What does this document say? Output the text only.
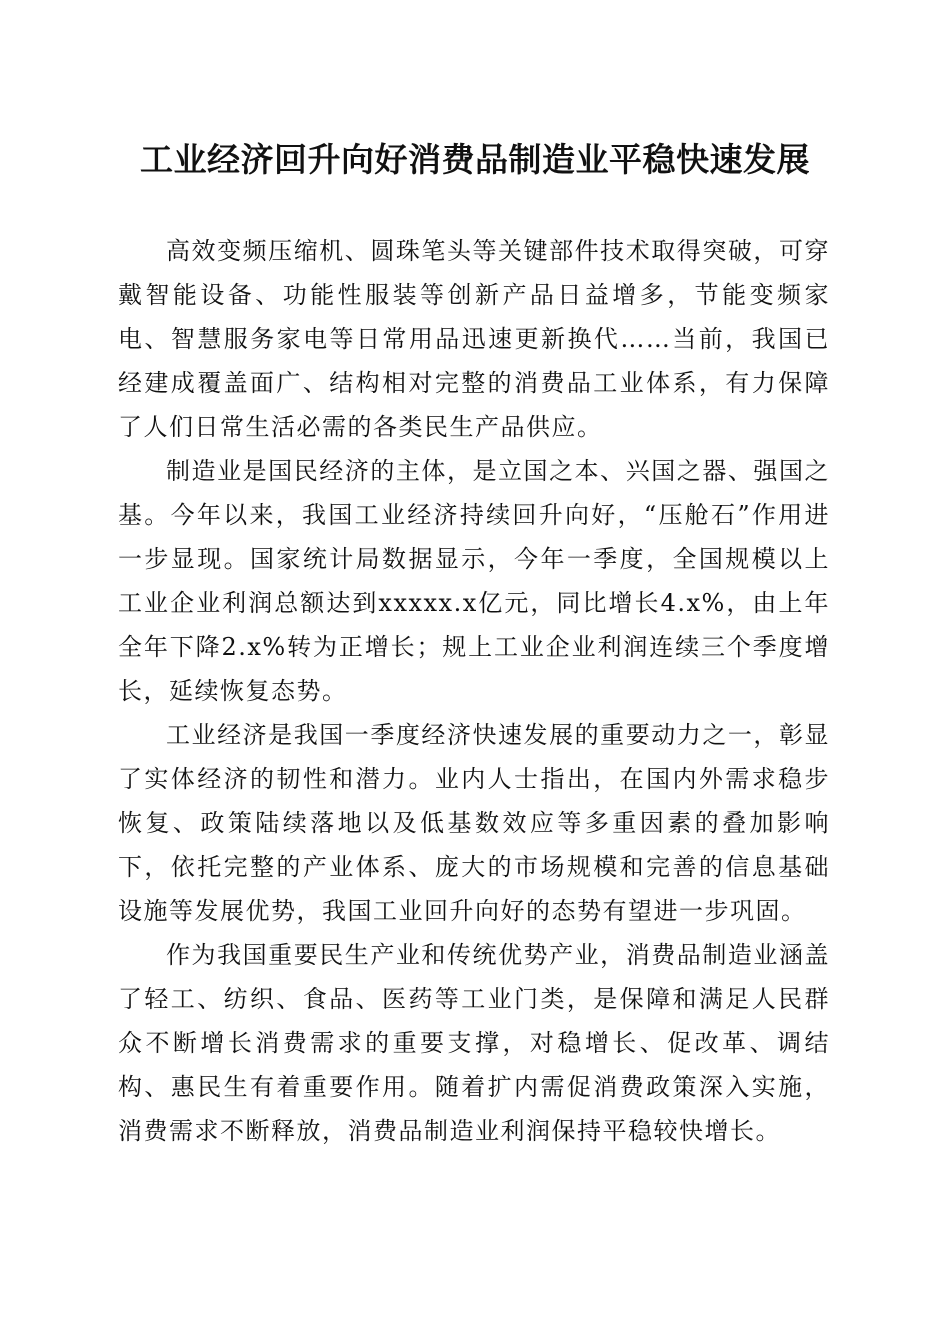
工业经济回升向好消费品制造业平稳快速发展

高效变频压缩机、圆珠笔头等关键部件技术取得突破，可穿戴智能设备、功能性服装等创新产品日益增多，节能变频家电、智慧服务家电等日常用品迅速更新换代……当前，我国已经建成覆盖面广、结构相对完整的消费品工业体系，有力保障了人们日常生活必需的各类民生产品供应。

制造业是国民经济的主体，是立国之本、兴国之器、强国之基。今年以来，我国工业经济持续回升向好，“压舱石”作用进一步显现。国家统计局数据显示，今年一季度，全国规模以上工业企业利润总额达到xxxxx.x亿元，同比增长4.x%，由上年全年下降2.x%转为正增长；规上工业企业利润连续三个季度增长，延续恢复态势。

工业经济是我国一季度经济快速发展的重要动力之一，彰显了实体经济的韧性和潜力。业内人士指出，在国内外需求稳步恢复、政策陆续落地以及低基数效应等多重因素的叠加影响下，依托完整的产业体系、庞大的市场规模和完善的信息基础设施等发展优势，我国工业回升向好的态势有望进一步巩固。

作为我国重要民生产业和传统优势产业，消费品制造业涵盖了轻工、纺织、食品、医药等工业门类，是保障和满足人民群众不断增长消费需求的重要支撑，对稳增长、促改革、调结构、惠民生有着重要作用。随着扩内需促消费政策深入实施，消费需求不断释放，消费品制造业利润保持平稳较快增长。
